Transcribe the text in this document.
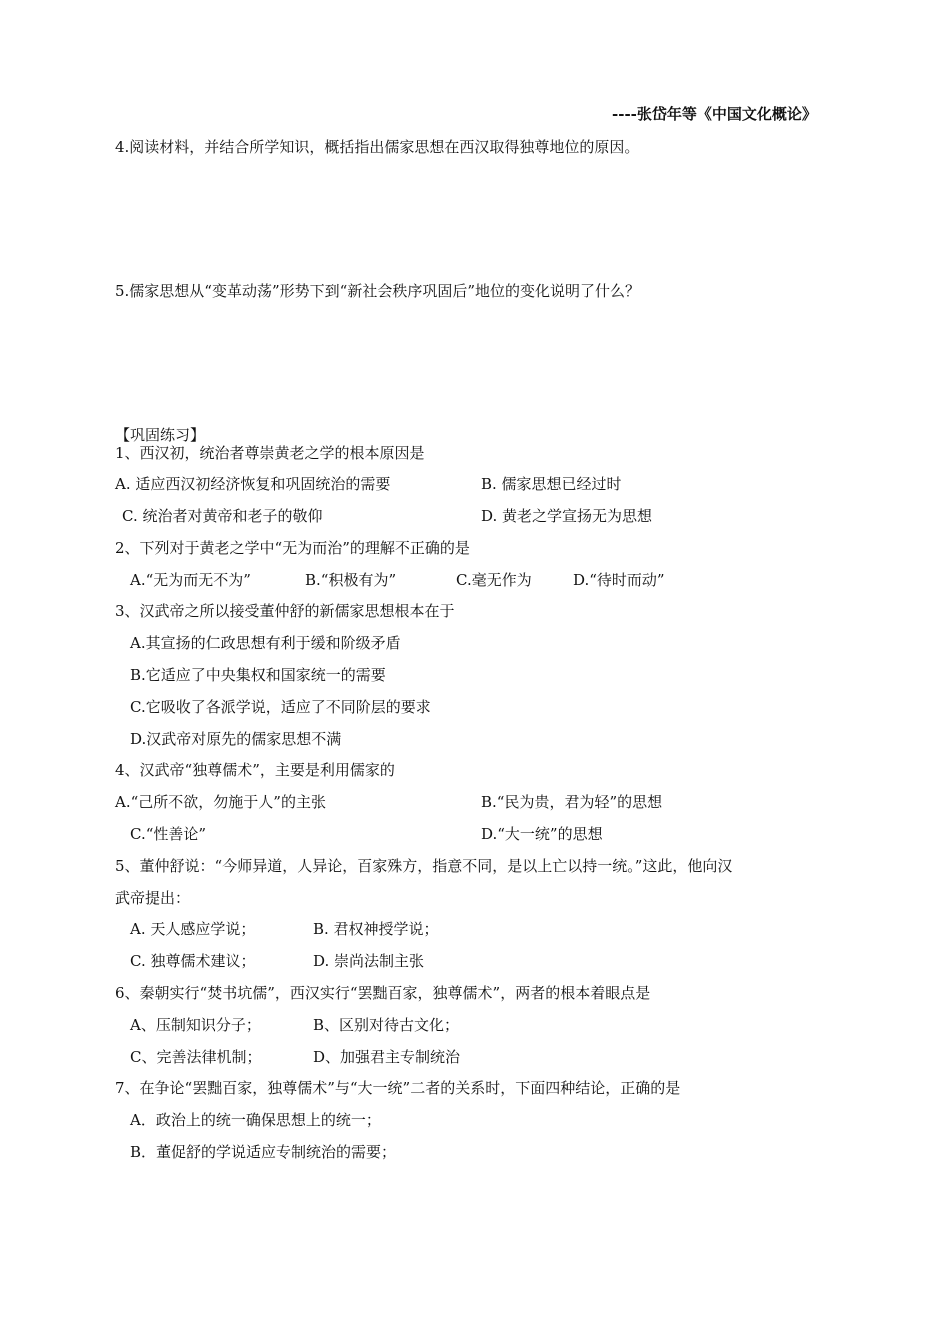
----张岱年等《中国文化概论》
4.阅读材料，并结合所学知识，概括指出儒家思想在西汉取得独尊地位的原因。
5.儒家思想从“变革动荡”形势下到“新社会秩序巩固后”地位的变化说明了什么？
【巩固练习】
1、西汉初，统治者尊崇黄老之学的根本原因是
A. 适应西汉初经济恢复和巩固统治的需要	B. 儒家思想已经过时
C. 统治者对黄帝和老子的敬仰	D. 黄老之学宣扬无为思想
2、下列对于黄老之学中“无为而治”的理解不正确的是
A.“无为而无不为”	B.“积极有为”	C.毫无作为	D.“待时而动”
3、汉武帝之所以接受董仲舒的新儒家思想根本在于
A.其宣扬的仁政思想有利于缓和阶级矛盾
B.它适应了中央集权和国家统一的需要
C.它吸收了各派学说，适应了不同阶层的要求
D.汉武帝对原先的儒家思想不满
4、汉武帝“独尊儒术”，主要是利用儒家的
A.“己所不欲，勿施于人”的主张	B.“民为贵，君为轻”的思想
C.“性善论”	D.“大一统”的思想
5、董仲舒说：“今师异道，人异论，百家殊方，指意不同，是以上亡以持一统。”这此，他向汉
武帝提出：
A. 天人感应学说；	B. 君权神授学说；
C. 独尊儒术建议；	D. 崇尚法制主张
6、秦朝实行“焚书坑儒”，西汉实行“罢黜百家，独尊儒术”，两者的根本着眼点是
A、压制知识分子；	B、区别对待古文化；
C、完善法律机制；	D、加强君主专制统治
7、在争论“罢黜百家，独尊儒术”与“大一统”二者的关系时，下面四种结论，正确的是
A．政治上的统一确保思想上的统一；
B．董促舒的学说适应专制统治的需要；
